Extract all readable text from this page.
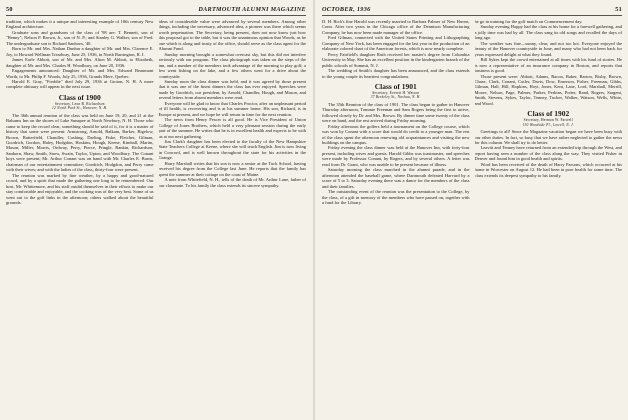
50	DARTMOUTH ALUMNI MAGAZINE

tradition, which makes it a unique and interesting example of 18th century New England architecture.

Graduate sons and grandsons of the class of '98 are: T. Bennett, son of "Benny"; Nelson P. Brown, Jr., son of N. P.; and Stanley G. Walker, son of Fred. The undergraduate son is Richard Sanborn, '40.

Born to Mr. and Mrs. Nathan Dunbar a daughter of Mr. and Mrs. Clarence E. Joy, to Howard Wellman Treadway, June 25, 1936, in North Barrington, R. I.

James Earle Abbott, son of Mr. and Mrs. Alton M. Abbott, to Elizabeth, daughter of Mr. and Mrs. Charles H. Woodbury, on June 20, 1936.

Engagements announced: Daughter of Mr. and Mrs. Edward Beaumont Worth, to Mr. Philip F. Woods, July 25, 1936, Grands Mere, Quebec.

Harold E. Gray, "Freddie" died July 29, 1936 at Groton, N. H. A more complete obituary will appear in the next issue.

Class of 1900
Secretary, Leon B. Richardson
12 North Park St., Hanover, N. H.

The 36th annual reunion of the class was held on June 19, 20, and 21 at the Balsams Inn on the shores of Lake Sunapee at North Newbury, N. H. Those who came to keep the record clear, something should be said of it, for it is a matter of history that some were present: Armstrong, Arnold, Balkam, Barker, Bigelow, Brown, Butterfield, Chandler, Cushing, Darling, Fiske, Fletcher, Gilman, Goodrich, Gordon, Haley, Hodgdon, Hoskins, Hough, Keene, Kimball, Martin, Mason, Miller, Morris, Ordway, Perry, Pierce, Pringle, Rankin, Richardson, Sanborn, Shaw, Smith, Snow, Swain, Taylor, Upton, and Woodbury. The Conant boys were present; Mr. Arthur Conant was on hand with Mr. Charles E. Burns, chairman of our entertainment committee; Goodrich, Hodgdon, and Perry came with their wives; and with the ladies of the class, thirty-four were present.

The reunion was marked by fine weather, by a happy and good-natured crowd, and by a spirit that made the gathering one long to be remembered. Our host, Mr. Whittemore, and his staff outdid themselves in their efforts to make our stay comfortable and enjoyable, and the cooking was of the very best. Some of us went out to the golf links in the afternoon; others walked about the beautiful grounds.

ideas of considerable value were advanced by several members. Among other things, including the necessary, advanced idea, a pioneer was there which seems worth perpetuation. The Secretary, being present, does not now know just how this proposal got to the table, but it was the unanimous opinion that Woods, as he one which is along and trusty of the office, should serve as the class agent for the Alumni Fund.

Sunday morning brought a somewhat overcast sky, but this did not interfere seriously with our program. The class photograph was taken on the steps of the inn, and a number of the members took advantage of the morning to play golf; a few went fishing on the lake, and a few others went for a drive about the countryside.

Sunday noon the class dinner was held, and it was agreed by those present that it was one of the finest dinners the class has ever enjoyed. Speeches were made by Goodrich, our president, by Arnold, Chandler, Hough, and Mason, and several letters from absent members were read.

Everyone will be glad to know that Charles Proctor, after an unpleasant period of ill health, is recovering and is at his summer home. His son, Richard, is in Europe at present, and we hope he will return in time for the next reunion.

The news from Henry Fescer is all good. He is Vice President of Union College of Jones Brothers, which held a very pleasant session during the early part of the summer. He writes that he is in excellent health and expects to be with us at our next gathering.

Jim Clark's daughter has been elected to the faculty of the New Hampshire State Teachers College at Keene, where she will teach English. Jim is now living in Concord, and is well known throughout the state for his activities in the Grange.

Harry Marshall writes that his son is now a senior at the Tuck School, having received his degree from the College last June. He reports that the family has spent the summer at their cottage on the coast of Maine.

A note from Whitefield, N. H., tells of the death of Mr. Arthur Lane, father of our classmate. To his family the class extends its sincere sympathy.

OCTOBER, 1936	51

D. H. Rich's fine Harold was recently married to Barbara Palmer of New Haven, Conn. After two years in the Chicago office of the Dennison Manufacturing Company, he has now been made manager of the office.

Fred Gilman, connected with the United States Printing and Lithographing Company of New York, has been engaged for the last year in the production of an elaborate colored chart of the American forests, which is now nearly complete.

Percy Fairfield's daughter Ruth received her master's degree from Columbia University in May. She has an excellent position in the kindergarten branch of the public schools of Summit, N. J.

The wedding of Smith's daughter has been announced, and the class extends to the young couple its heartiest congratulations.

Class of 1901
Secretary, Everett H. Watson
37 Berkeley St., Nashua, N. H.

The 35th Reunion of the class of 1901. The class began to gather in Hanover Thursday afternoon, Tommie Freeman and Sam Rogers being the first to arrive, followed closely by Dr. and Mrs. Brown. By dinner time some twenty of the class were on hand, and the rest arrived during Friday morning.

Friday afternoon the golfers held a tournament on the College course, which was won by Conant with a score that would do credit to a younger man. The rest of the class spent the afternoon renewing old acquaintances and visiting the new buildings on the campus.

Friday evening the class dinner was held at the Hanover Inn, with forty-four present, including wives and guests. Harold Gibbs was toastmaster, and speeches were made by Professor Conant, by Rogers, and by several others. A letter was read from Dr. Grant, who was unable to be present because of illness.

Saturday morning the class marched in the alumni parade, and in the afternoon attended the baseball game, where Dartmouth defeated Harvard by a score of 5 to 3. Saturday evening there was a dance for the members of the class and their families.

The outstanding event of the reunion was the presentation to the College, by the class, of a gift in memory of the members who have passed on, together with a fund for the Library.

he go in training for the golf match on Commencement day.

Sunday evening Hoppy had the class at his home for a farewell gathering, and a jolly time was had by all. The class sang its old songs and recalled the days of long ago.

The weather was fine—sunny, clear, and not too hot. Everyone enjoyed the beauty of the Hanover countryside in June, and many who had not been back for years expressed delight at what they found.

Bill Sykes kept the crowd entertained at all times with his fund of stories. He is now a representative of an insurance company in Boston, and reports that business is good.

Those present were: Abbott, Adams, Bacon, Baker, Barton, Bixby, Brown, Chase, Clark, Conant, Cutler, Davis, Dow, Emerson, Fisher, Freeman, Gibbs, Gilman, Hall, Hill, Hopkins, Hoyt, Jones, Kent, Lane, Lord, Marshall, Merrill, Moore, Nelson, Page, Palmer, Parker, Perkins, Potter, Rand, Rogers, Sargent, Smith, Stevens, Sykes, Taylor, Tenney, Tucker, Walker, Watson, Wells, White, and Wood.

Class of 1902
Secretary, Hermon W. Farwell
130 Woodside Pl., Lowell, N. J.

Greetings to all! Since the Magazine vacation began we have been busy with our other duties. In fact, so busy that we have rather neglected to gather the news for this column. We shall try to do better.

Leavitt and Tenney have returned from an extended trip through the West, and report having seen a number of the class along the way. They visited Fisher in Denver and found him in good health and spirits.

Word has been received of the death of Harry Parsons, which occurred at his home in Worcester on August 12. He had been in poor health for some time. The class extends its deepest sympathy to his family.
